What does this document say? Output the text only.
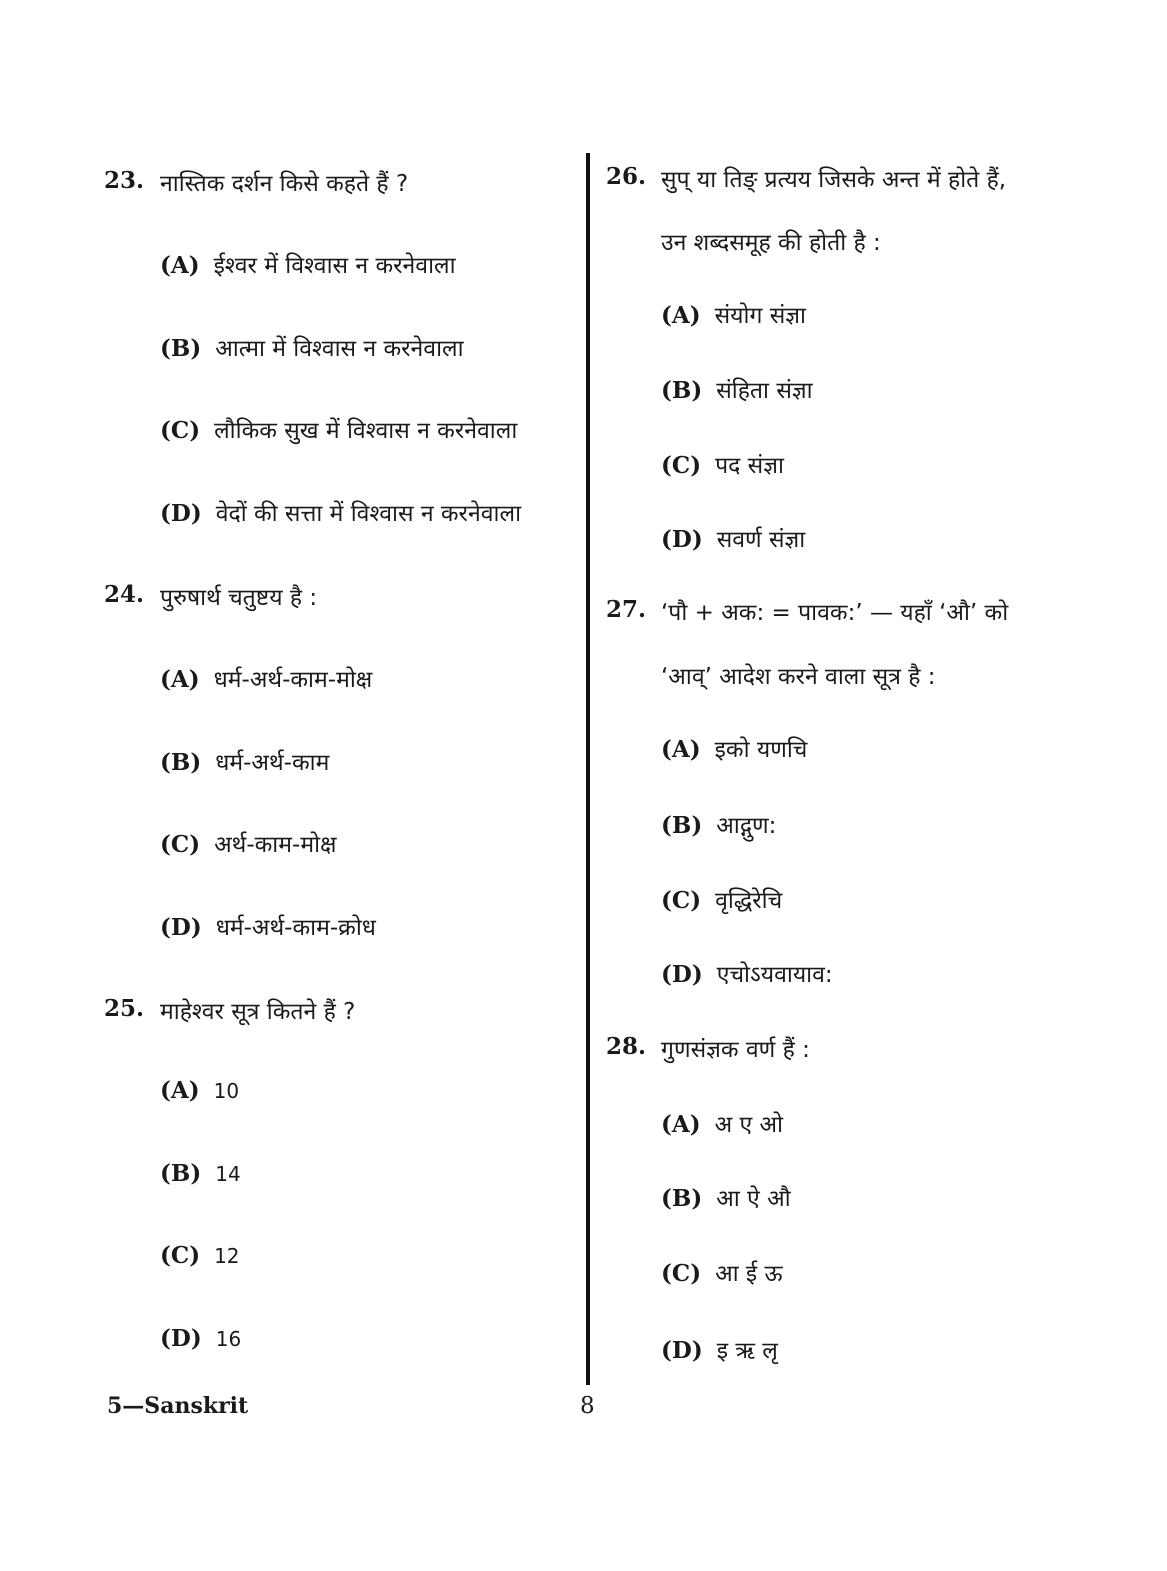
23. नास्तिक दर्शन किसे कहते हैं ?
(A) ईश्वर में विश्वास न करनेवाला
(B) आत्मा में विश्वास न करनेवाला
(C) लौकिक सुख में विश्वास न करनेवाला
(D) वेदों की सत्ता में विश्वास न करनेवाला
24. पुरुषार्थ चतुष्टय है :
(A) धर्म-अर्थ-काम-मोक्ष
(B) धर्म-अर्थ-काम
(C) अर्थ-काम-मोक्ष
(D) धर्म-अर्थ-काम-क्रोध
25. माहेश्वर सूत्र कितने हैं ?
(A) 10
(B) 14
(C) 12
(D) 16
26. सुप् या तिङ् प्रत्यय जिसके अन्त में होते हैं,
उन शब्दसमूह की होती है :
(A) संयोग संज्ञा
(B) संहिता संज्ञा
(C) पद संज्ञा
(D) सवर्ण संज्ञा
27. ‘पौ + अक: = पावक:’ — यहाँ ‘औ’ को
‘आव्’ आदेश करने वाला सूत्र है :
(A) इको यणचि
(B) आद्गुण:
(C) वृद्धिरेचि
(D) एचोऽयवायाव:
28. गुणसंज्ञक वर्ण हैं :
(A) अ ए ओ
(B) आ ऐ औ
(C) आ ई ऊ
(D) इ ऋ लृ
5—Sanskrit	8
